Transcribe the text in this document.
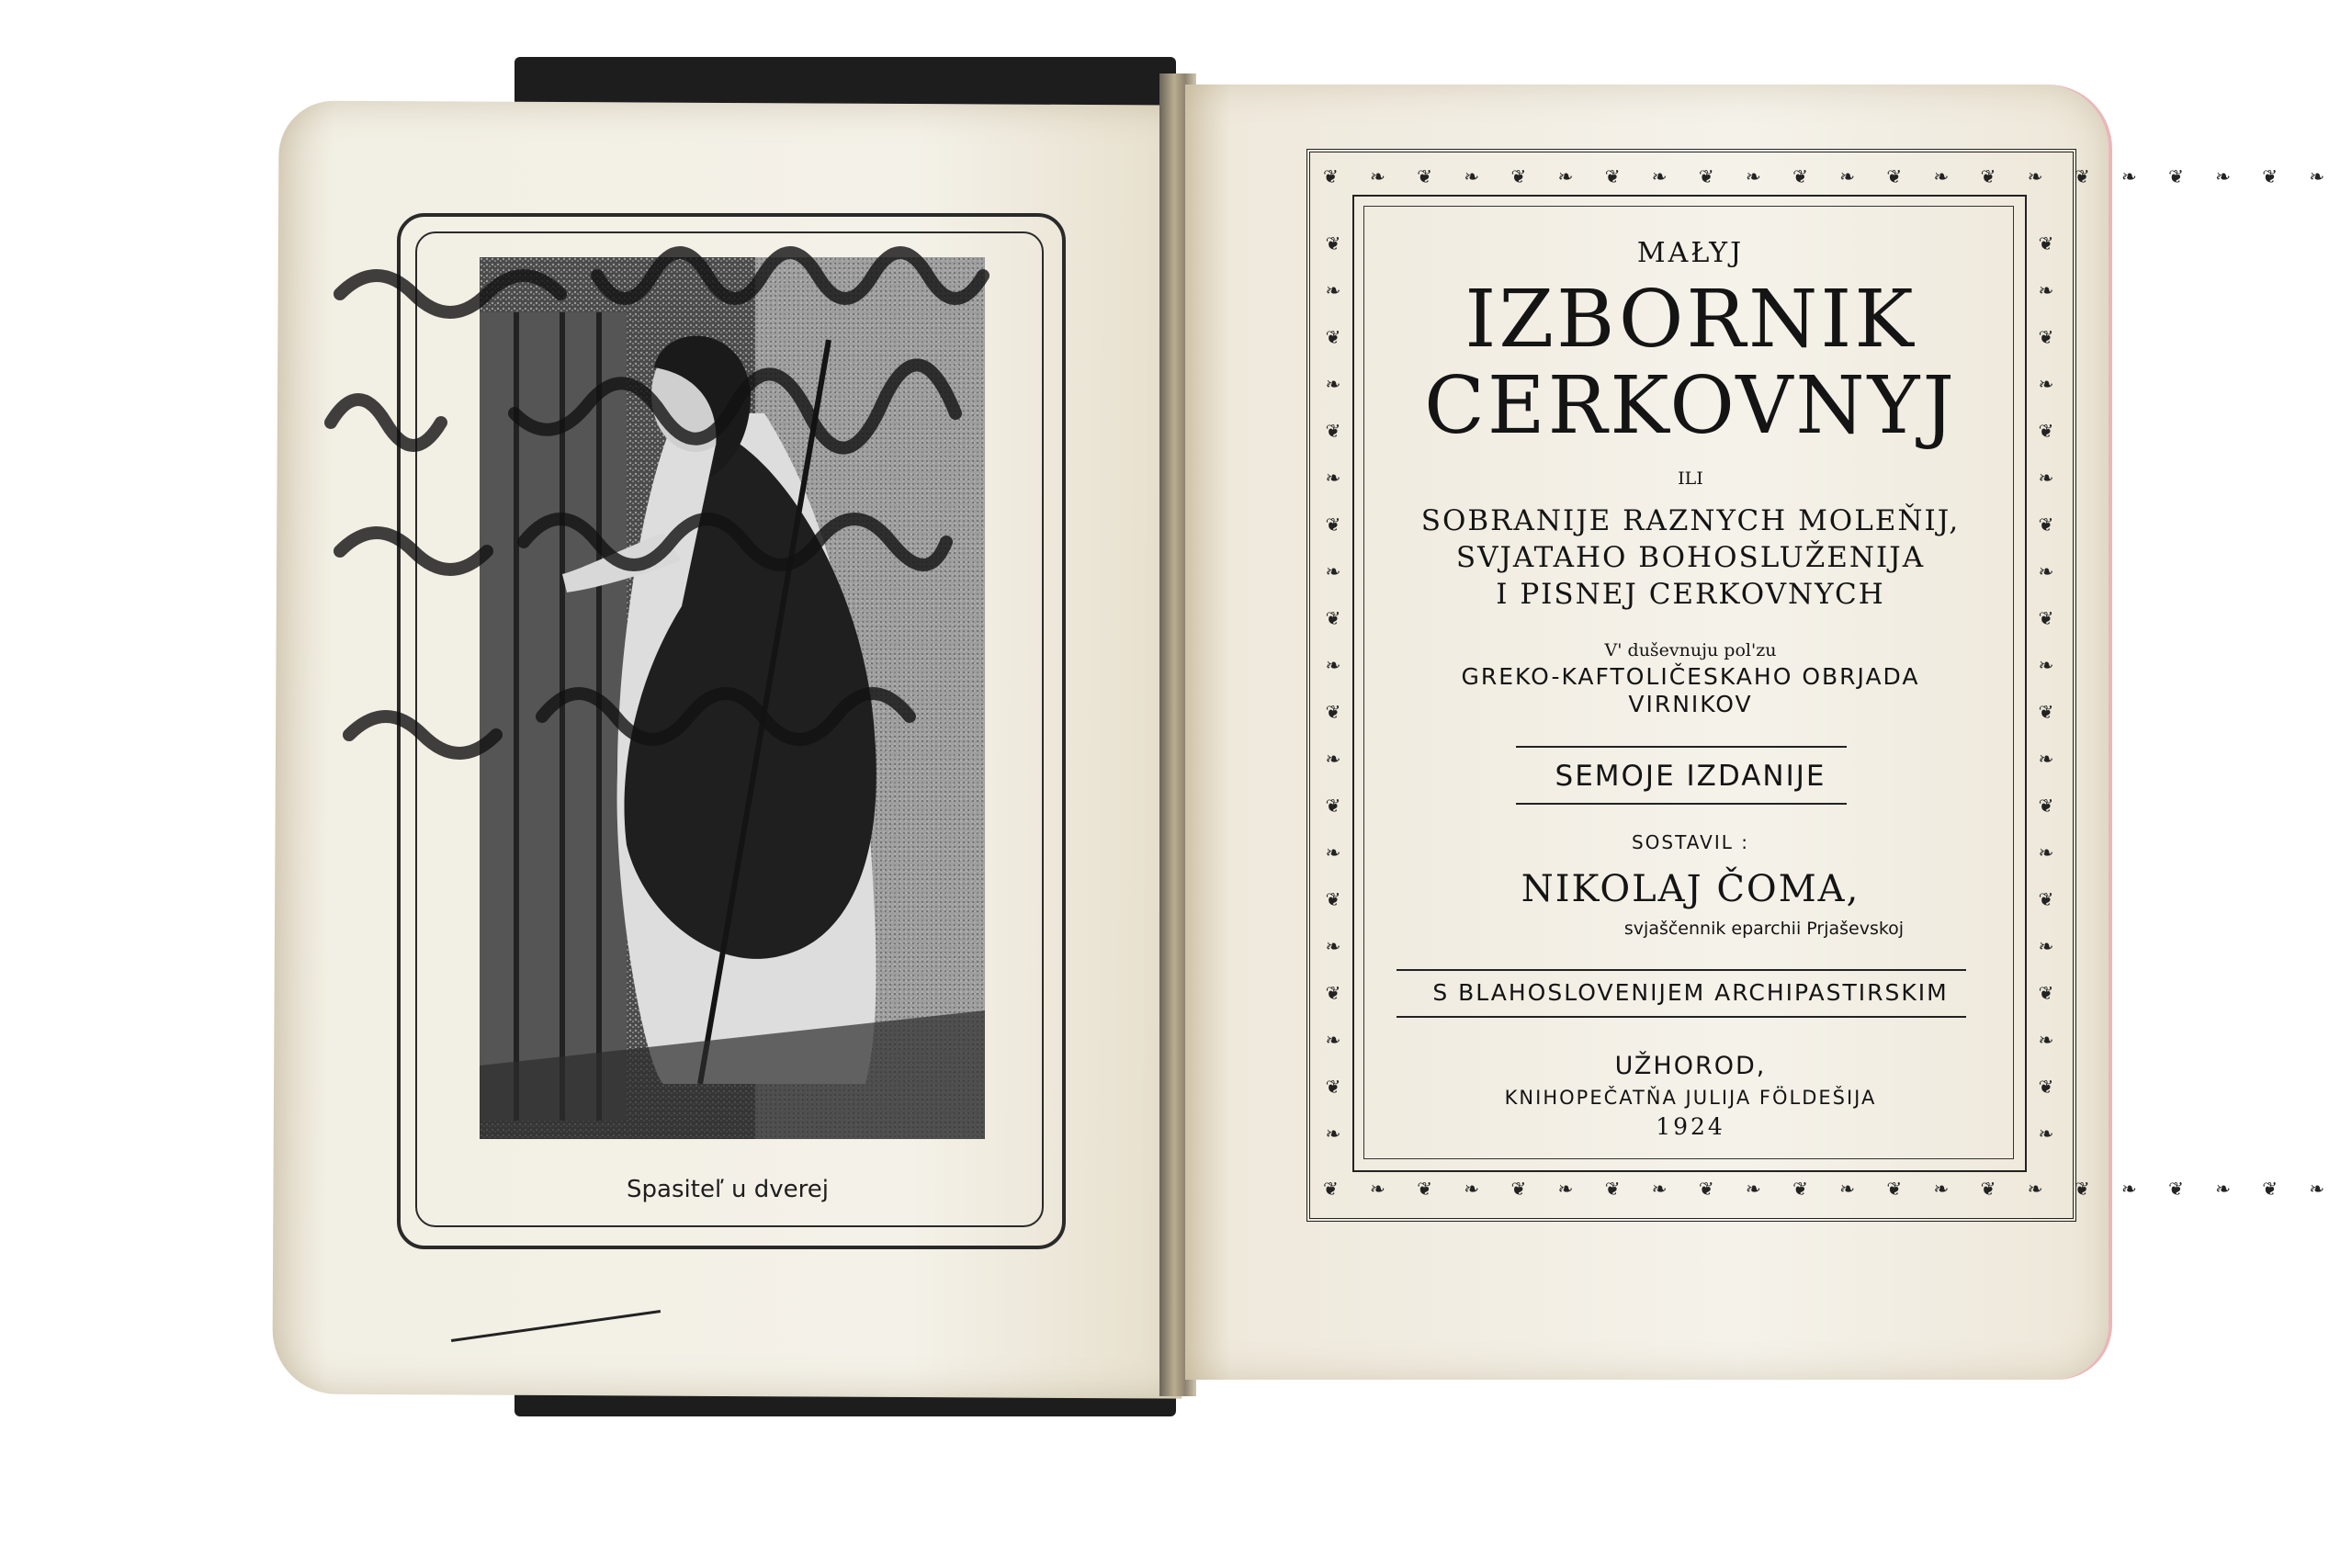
Spasiteľ u dverej
❦ ❧ ❦ ❧ ❦ ❧ ❦ ❧ ❦ ❧ ❦ ❧ ❦ ❧ ❦ ❧ ❦ ❧ ❦ ❧ ❦ ❧
❦ ❧ ❦ ❧ ❦ ❧ ❦ ❧ ❦ ❧ ❦ ❧ ❦ ❧ ❦ ❧ ❦ ❧ ❦ ❧ ❦ ❧
❦
❧
❦
❧
❦
❧
❦
❧
❦
❧
❦
❧
❦
❧
❦
❧
❦
❧
❦
❧
❦
❧
❦
❧
❦
❧
❦
❧
❦
❧
❦
❧
❦
❧
❦
❧
❦
❧
❦
❧
MAŁYJ
IZBORNIK
CERKOVNYJ
ILI
SOBRANIJE RAZNYCH MOLEŇIJ,
SVJATAHO BOHOSLUŽENIJA
I PISNEJ CERKOVNYCH
V' duševnuju pol'zu
GREKO-KAFTOLIČESKAHO OBRJADA
VIRNIKOV
SEMOJE IZDANIJE
SOSTAVIL :
NIKOLAJ ČOMA,
svjaščennik eparchii Prjaševskoj
S BLAHOSLOVENIJEM ARCHIPASTIRSKIM
UŽHOROD,
KNIHOPEČATŇA JULIJA FÖLDEŠIJA
1924
